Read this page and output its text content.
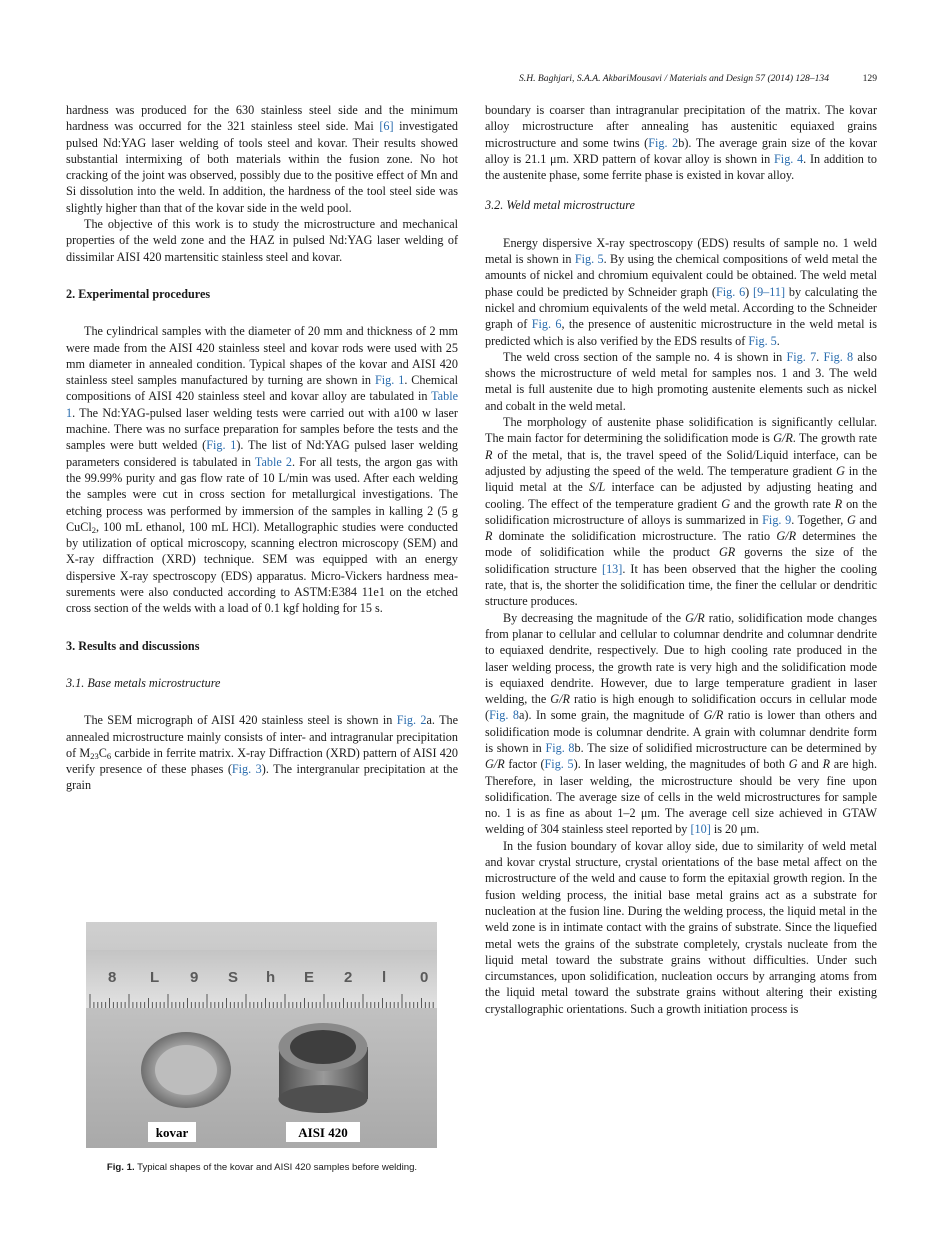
S.H. Baghjari, S.A.A. AkbariMousavi / Materials and Design 57 (2014) 128–134	129

hardness was produced for the 630 stainless steel side and the minimum hardness was occurred for the 321 stainless steel side. Mai [6] investigated pulsed Nd:YAG laser welding of tools steel and kovar. Their results showed substantial intermixing of both materials within the fusion zone. No hot cracking of the joint was observed, possibly due to the positive effect of Mn and Si dissolution into the weld. In addition, the hardness of the tool steel side was slightly higher than that of the kovar side in the weld pool.

The objective of this work is to study the microstructure and mechanical properties of the weld zone and the HAZ in pulsed Nd:YAG laser welding of dissimilar AISI 420 martensitic stainless steel and kovar.

2. Experimental procedures

The cylindrical samples with the diameter of 20 mm and thickness of 2 mm were made from the AISI 420 stainless steel and kovar rods were used with 25 mm diameter in annealed condition. Typical shapes of the kovar and AISI 420 stainless steel samples manufactured by turning are shown in Fig. 1. Chemical compositions of AISI 420 stainless steel and kovar alloy are tabulated in Table 1. The Nd:YAG-pulsed laser welding tests were carried out with a100 w laser machine. There was no surface preparation for samples before the tests and the samples were butt welded (Fig. 1). The list of Nd:YAG pulsed laser welding parameters considered is tabulated in Table 2. For all tests, the argon gas with the 99.99% purity and gas flow rate of 10 L/min was used. After each welding the samples were cut in cross section for metallurgical investigations. The etching process was performed by immersion of the samples in kalling 2 (5 g CuCl$_2$, 100 mL ethanol, 100 mL HCl). Metallographic studies were conducted by utilization of optical microscopy, scanning electron microscopy (SEM) and X-ray diffraction (XRD) technique. SEM was equipped with an energy dispersive X-ray spectroscopy (EDS) apparatus. Micro-Vickers hardness measurements were also conducted according to ASTM:E384 11e1 on the etched cross section of the welds with a load of 0.1 kgf holding for 15 s.

3. Results and discussions
3.1. Base metals microstructure

The SEM micrograph of AISI 420 stainless steel is shown in Fig. 2a. The annealed microstructure mainly consists of inter- and intragranular precipitation of $M_{23}C_6$ carbide in ferrite matrix. X-ray Diffraction (XRD) pattern of AISI 420 verify presence of these phases (Fig. 3). The intergranular precipitation at the grain

8 L 9 S h E 2 l 0
kovar	AISI 420
Fig. 1. Typical shapes of the kovar and AISI 420 samples before welding.

boundary is coarser than intragranular precipitation of the matrix. The kovar alloy microstructure after annealing has austenitic equiaxed grains microstructure and some twins (Fig. 2b). The average grain size of the kovar alloy is 21.1 μm. XRD pattern of kovar alloy is shown in Fig. 4. In addition to the austenite phase, some ferrite phase is existed in kovar alloy.

3.2. Weld metal microstructure

Energy dispersive X-ray spectroscopy (EDS) results of sample no. 1 weld metal is shown in Fig. 5. By using the chemical compositions of weld metal the amounts of nickel and chromium equivalent could be obtained. The weld metal phase could be predicted by Schneider graph (Fig. 6) [9–11] by calculating the nickel and chromium equivalents of the weld metal. According to the Schneider graph of Fig. 6, the presence of austenitic microstructure in the weld metal is predicted which is also verified by the EDS results of Fig. 5.

The weld cross section of the sample no. 4 is shown in Fig. 7. Fig. 8 also shows the microstructure of weld metal for samples nos. 1 and 3. The weld metal is full austenite due to high promoting austenite elements such as nickel and cobalt in the weld metal.

The morphology of austenite phase solidification is significantly cellular. The main factor for determining the solidification mode is G/R. The growth rate R of the metal, that is, the travel speed of the Solid/Liquid interface, can be adjusted by adjusting the speed of the weld. The temperature gradient G in the liquid metal at the S/L interface can be adjusted by adjusting heating and cooling. The effect of the temperature gradient G and the growth rate R on the solidification microstructure of alloys is summarized in Fig. 9. Together, G and R dominate the solidification microstructure. The ratio G/R determines the mode of solidification while the product GR governs the size of the solidification structure [13]. It has been observed that the higher the cooling rate, that is, the shorter the solidification time, the finer the cellular or dendritic structure produces.

By decreasing the magnitude of the G/R ratio, solidification mode changes from planar to cellular and cellular to columnar dendrite and columnar dendrite to equiaxed dendrite, respectively. Due to high cooling rate produced in the laser welding process, the growth rate is very high and the solidification mode is equiaxed dendrite. However, due to large temperature gradient in laser welding, the G/R ratio is high enough to solidification occurs in cellular mode (Fig. 8a). In some grain, the magnitude of G/R ratio is lower than others and solidification mode is columnar dendrite. A grain with columnar dendrite form is shown in Fig. 8b. The size of solidified microstructure can be determined by G/R factor (Fig. 5). In laser welding, the magnitudes of both G and R are high. Therefore, in laser welding, the microstructure should be very fine upon solidification. The average size of cells in the weld microstructures for sample no. 1 is as fine as about 1–2 μm. The average cell size achieved in GTAW welding of 304 stainless steel reported by [10] is 20 μm.

In the fusion boundary of kovar alloy side, due to similarity of weld metal and kovar crystal structure, crystal orientations of the base metal affect on the microstructure of the weld and cause to form the epitaxial growth region. In the fusion welding process, the initial base metal grains act as a substrate for nucleation at the fusion line. During the welding process, the liquid metal in the weld zone is in intimate contact with the grains of substrate. Since the liquefied metal wets the grains of the substrate completely, crystals nucleate from the liquid metal toward the substrate grains without difficulties. Under such circumstances, upon solidification, nucleation occurs by arranging atoms from the liquid metal toward the substrate grains without altering their existing crystallographic orientations. Such a growth initiation process is
